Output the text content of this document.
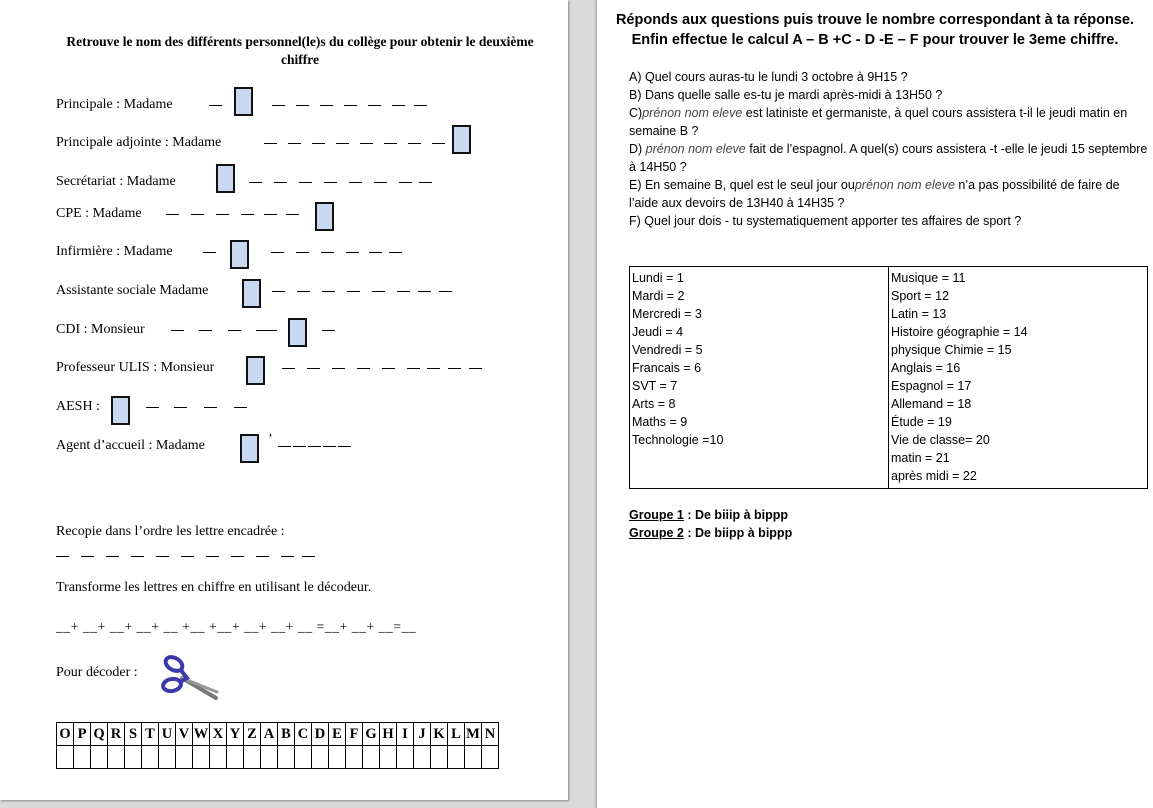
Retrouve le nom des différents personnel(le)s du collège pour obtenir le deuxième chiffre
Principale : Madame
Principale adjointe : Madame
Secrétariat : Madame
CPE : Madame
Infirmière : Madame
Assistante sociale Madame
CDI : Monsieur
Professeur ULIS : Monsieur
AESH :
Agent d’accueil : Madame	’
Recopie dans l’ordre les lettre encadrée :
Transforme les lettres en chiffre en utilisant le décodeur.
__+ __+ __+ __+ __ +__ +__+ __+ __+ __ =__+ __+ __=__
Pour décoder :
O	P	Q	R	S	T	U	V	W	X	Y	Z	A	B	C	D	E	F	G	H	I	J	K	L	M	N

Réponds aux questions puis trouve le nombre correspondant à ta réponse.
Enfin effectue le calcul A – B +C - D -E – F pour trouver le 3eme chiffre.

A) Quel cours auras-tu le lundi 3 octobre à 9H15 ?

B) Dans quelle salle es-tu je mardi après-midi à 13H50 ?

C)prénon nom eleve est latiniste et germaniste, à quel cours assistera t-il le jeudi matin en semaine B ?

D) prénon nom eleve fait de l’espagnol. A quel(s) cours assistera -t -elle le jeudi 15 septembre à 14H50 ?

E) En semaine B, quel est le seul jour ouprénon nom eleve n’a pas possibilité de faire de l’aide aux devoirs de 13H40 à 14H35 ?

F) Quel jour dois - tu systematiquement apporter tes affaires de sport ?

Lundi = 1
Mardi = 2
Mercredi = 3
Jeudi = 4
Vendredi = 5
Francais = 6
SVT = 7
Arts = 8
Maths = 9
Technologie =10

Musique = 11
Sport = 12
Latin = 13
Histoire géographie = 14
physique Chimie = 15
Anglais = 16
Espagnol = 17
Allemand = 18
Étude = 19
Vie de classe= 20
matin = 21
après midi = 22
Groupe 1 : De biiip à bippp
Groupe 2 : De biipp à bippp
